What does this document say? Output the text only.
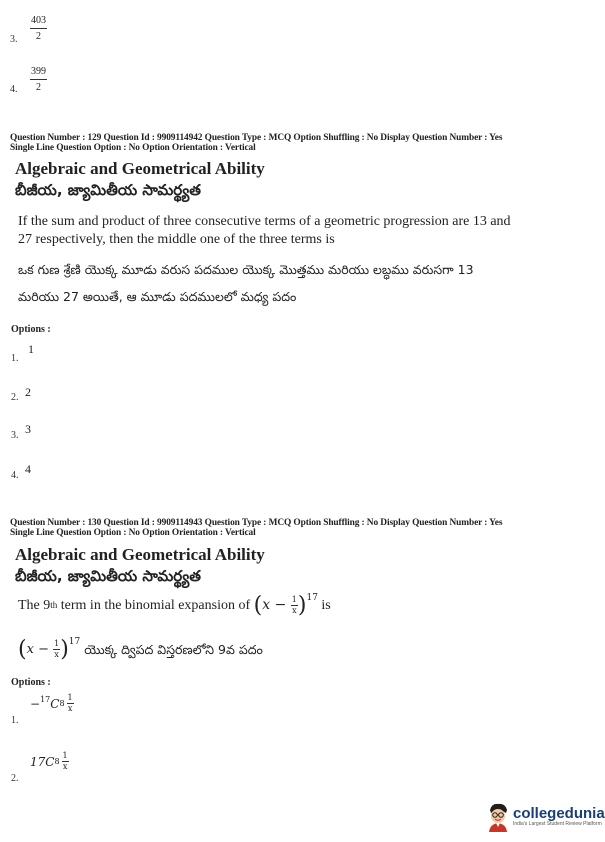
3. $\frac{403}{2}$
4. $\frac{399}{2}$
Question Number : 129 Question Id : 9909114942 Question Type : MCQ Option Shuffling : No Display Question Number : Yes
Single Line Question Option : No Option Orientation : Vertical
Algebraic and Geometrical Ability
బీజీయ, జ్యామితీయ సామర్థ్యత
If the sum and product of three consecutive terms of a geometric progression are 13 and
27 respectively, then the middle one of the three terms is
ఒక గుణ శ్రేణి యొక్క మూడు వరుస పదముల యొక్క మొత్తము మరియు లబ్ధము వరుసగా 13
మరియు 27 అయితే, ఆ మూడు పదములలో మధ్య పదం
Options :
1.
1
2. 2
3. 3
4. 4
Question Number : 130 Question Id : 9909114943 Question Type : MCQ Option Shuffling : No Display Question Number : Yes
Single Line Question Option : No Option Orientation : Vertical
Algebraic and Geometrical Ability
బీజీయ, జ్యామితీయ సామర్థ్యత
The 9 th term in the binomial expansion of ( $x - \frac{1}{x} )^{17}$ is
( $x - \frac{1}{x} )^{17}$ యొక్క ద్విపద విస్తరణలోని 9వ పదం
Options :
1.
−$^{17}$ C $8 \frac{1}{x}$
2.
17C $8 \frac{1}{x}$
collegedunia
India's Largest Student Review Platform
